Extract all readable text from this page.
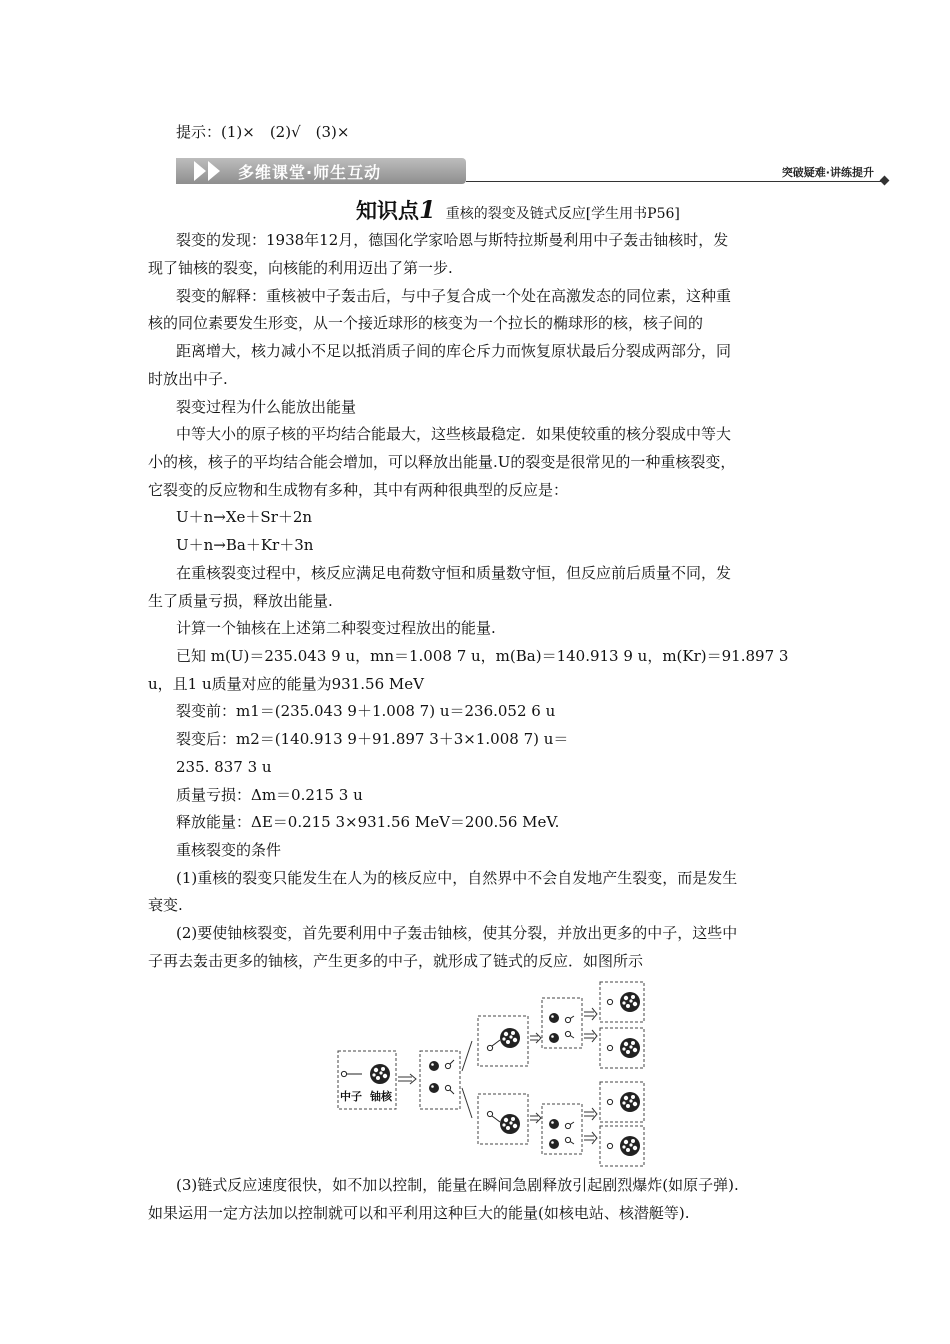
提示：(1)×　(2)√　(3)×
多维课堂·师生互动	突破疑难·讲练提升
知识点1 重核的裂变及链式反应[学生用书P56]
裂变的发现：1938年12月，德国化学家哈恩与斯特拉斯曼利用中子轰击铀核时，发
现了铀核的裂变，向核能的利用迈出了第一步.
裂变的解释：重核被中子轰击后，与中子复合成一个处在高激发态的同位素，这种重
核的同位素要发生形变，从一个接近球形的核变为一个拉长的椭球形的核，核子间的
距离增大，核力减小不足以抵消质子间的库仑斥力而恢复原状最后分裂成两部分，同
时放出中子.
裂变过程为什么能放出能量
中等大小的原子核的平均结合能最大，这些核最稳定．如果使较重的核分裂成中等大
小的核，核子的平均结合能会增加，可以释放出能量.U的裂变是很常见的一种重核裂变，
它裂变的反应物和生成物有多种，其中有两种很典型的反应是：
U＋n→Xe＋Sr＋2n
U＋n→Ba＋Kr＋3n
在重核裂变过程中，核反应满足电荷数守恒和质量数守恒，但反应前后质量不同，发
生了质量亏损，释放出能量.
计算一个铀核在上述第二种裂变过程放出的能量.
已知 m(U)＝235.043 9 u，mn＝1.008 7 u，m(Ba)＝140.913 9 u，m(Kr)＝91.897 3
u，且1 u质量对应的能量为931.56 MeV
裂变前：m1＝(235.043 9＋1.008 7) u＝236.052 6 u
裂变后：m2＝(140.913 9＋91.897 3＋3×1.008 7) u＝
235. 837 3 u
质量亏损：Δm＝0.215 3 u
释放能量：ΔE＝0.215 3×931.56 MeV＝200.56 MeV.
重核裂变的条件
(1)重核的裂变只能发生在人为的核反应中，自然界中不会自发地产生裂变，而是发生
衰变.
(2)要使铀核裂变，首先要利用中子轰击铀核，使其分裂，并放出更多的中子，这些中
子再去轰击更多的铀核，产生更多的中子，就形成了链式的反应．如图所示
中子 铀核
(3)链式反应速度很快，如不加以控制，能量在瞬间急剧释放引起剧烈爆炸(如原子弹).
如果运用一定方法加以控制就可以和平利用这种巨大的能量(如核电站、核潜艇等).
